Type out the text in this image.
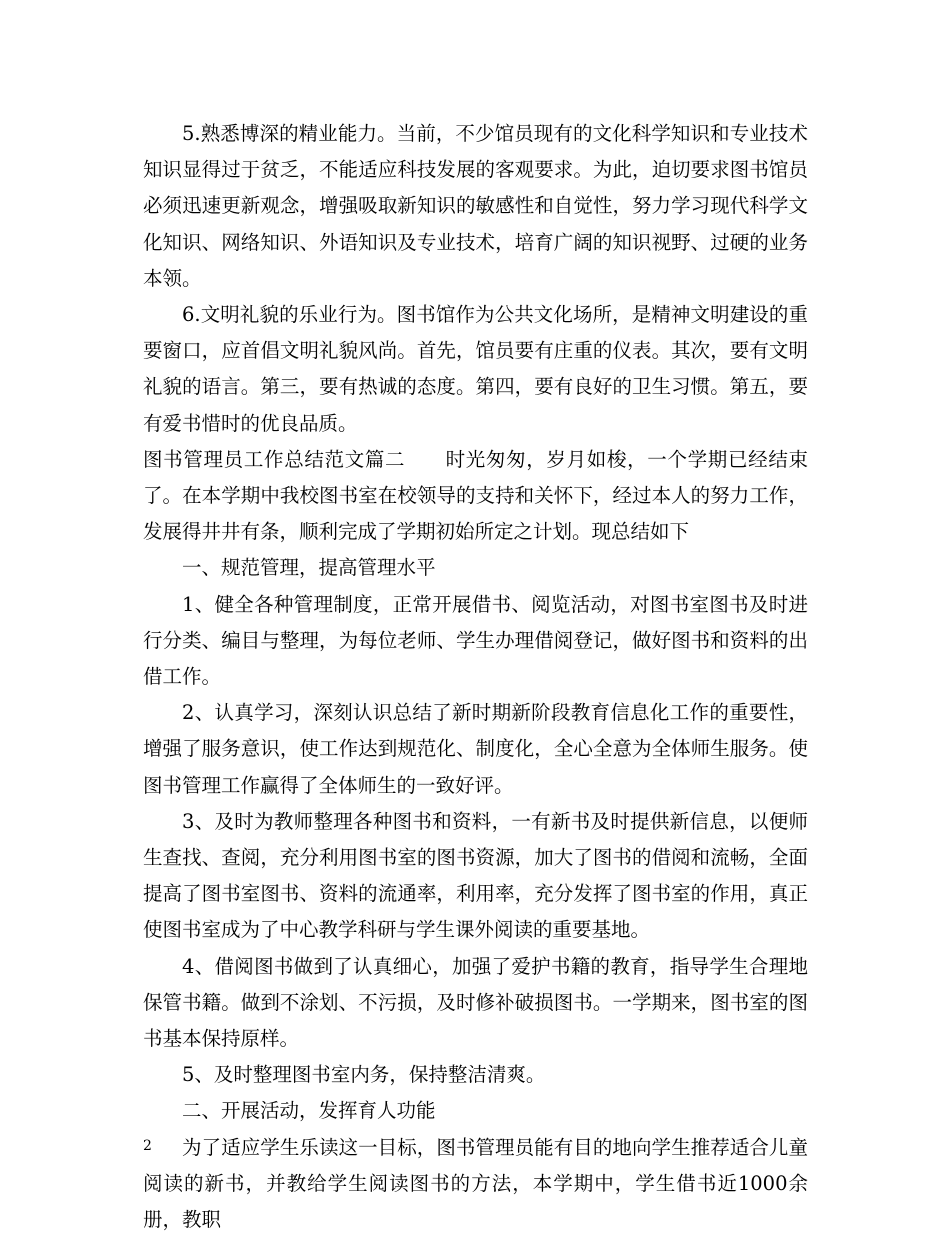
5.熟悉博深的精业能力。当前，不少馆员现有的文化科学知识和专业技术知识显得过于贫乏，不能适应科技发展的客观要求。为此，迫切要求图书馆员必须迅速更新观念，增强吸取新知识的敏感性和自觉性，努力学习现代科学文化知识、网络知识、外语知识及专业技术，培育广阔的知识视野、过硬的业务本领。

6.文明礼貌的乐业行为。图书馆作为公共文化场所，是精神文明建设的重要窗口，应首倡文明礼貌风尚。首先，馆员要有庄重的仪表。其次，要有文明礼貌的语言。第三，要有热诚的态度。第四，要有良好的卫生习惯。第五，要有爱书惜时的优良品质。

图书管理员工作总结范文篇二　　时光匆匆，岁月如梭，一个学期已经结束了。在本学期中我校图书室在校领导的支持和关怀下，经过本人的努力工作，发展得井井有条，顺利完成了学期初始所定之计划。现总结如下

一、规范管理，提高管理水平

1、健全各种管理制度，正常开展借书、阅览活动，对图书室图书及时进行分类、编目与整理，为每位老师、学生办理借阅登记，做好图书和资料的出借工作。

2、认真学习，深刻认识总结了新时期新阶段教育信息化工作的重要性，增强了服务意识，使工作达到规范化、制度化，全心全意为全体师生服务。使图书管理工作赢得了全体师生的一致好评。

3、及时为教师整理各种图书和资料，一有新书及时提供新信息，以便师生查找、查阅，充分利用图书室的图书资源，加大了图书的借阅和流畅，全面提高了图书室图书、资料的流通率，利用率，充分发挥了图书室的作用，真正使图书室成为了中心教学科研与学生课外阅读的重要基地。

4、借阅图书做到了认真细心，加强了爱护书籍的教育，指导学生合理地保管书籍。做到不涂划、不污损，及时修补破损图书。一学期来，图书室的图书基本保持原样。

5、及时整理图书室内务，保持整洁清爽。

二、开展活动，发挥育人功能

为了适应学生乐读这一目标，图书管理员能有目的地向学生推荐适合儿童阅读的新书，并教给学生阅读图书的方法，本学期中，学生借书近1000余册，教职

2
